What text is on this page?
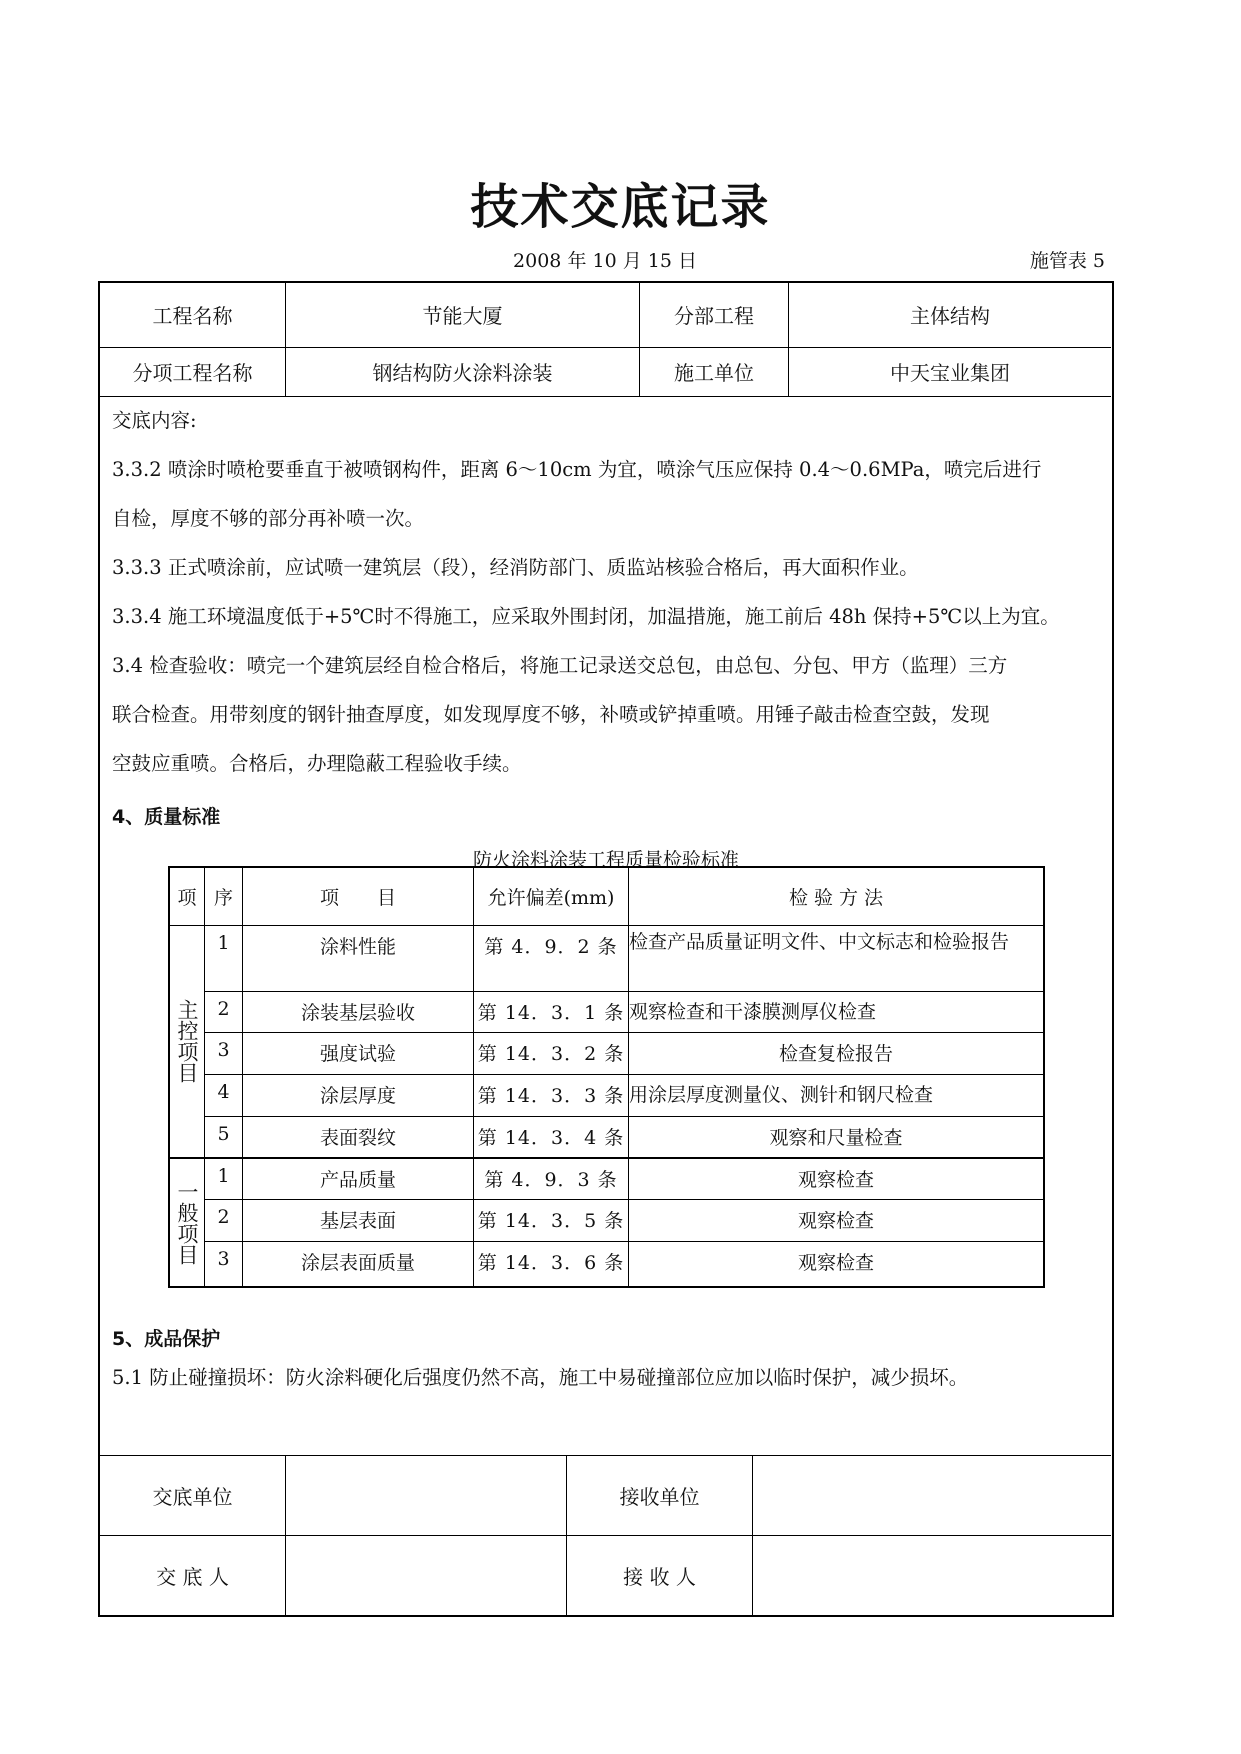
技术交底记录
2008 年 10 月 15 日	施管表 5
工程名称	节能大厦	分部工程	主体结构
分项工程名称	钢结构防火涂料涂装	施工单位	中天宝业集团
交底内容:
3.3.2 喷涂时喷枪要垂直于被喷钢构件，距离 6～10cm 为宜，喷涂气压应保持 0.4～0.6MPa，喷完后进行
自检，厚度不够的部分再补喷一次。
3.3.3 正式喷涂前，应试喷一建筑层（段），经消防部门、质监站核验合格后，再大面积作业。
3.3.4 施工环境温度低于+5℃时不得施工，应采取外围封闭，加温措施，施工前后 48h 保持+5℃以上为宜。
3.4 检查验收：喷完一个建筑层经自检合格后，将施工记录送交总包，由总包、分包、甲方（监理）三方
联合检查。用带刻度的钢针抽查厚度，如发现厚度不够，补喷或铲掉重喷。用锤子敲击检查空鼓，发现
空鼓应重喷。合格后，办理隐蔽工程验收手续。
4、质量标准
防火涂料涂装工程质量检验标准
项	序	项　　目	允许偏差(mm)	检 验 方 法
主控项目	1	涂料性能	第 4．9．2 条	检查产品质量证明文件、中文标志和检验报告
	2	涂装基层验收	第 14．3．1 条	观察检查和干漆膜测厚仪检查
	3	强度试验	第 14．3．2 条	检查复检报告
	4	涂层厚度	第 14．3．3 条	用涂层厚度测量仪、测针和钢尺检查
	5	表面裂纹	第 14．3．4 条	观察和尺量检查
一般项目	1	产品质量	第 4．9．3 条	观察检查
	2	基层表面	第 14．3．5 条	观察检查
	3	涂层表面质量	第 14．3．6 条	观察检查
5、成品保护
5.1 防止碰撞损坏：防火涂料硬化后强度仍然不高，施工中易碰撞部位应加以临时保护，减少损坏。
交底单位		接收单位	
交 底 人		接 收 人	
